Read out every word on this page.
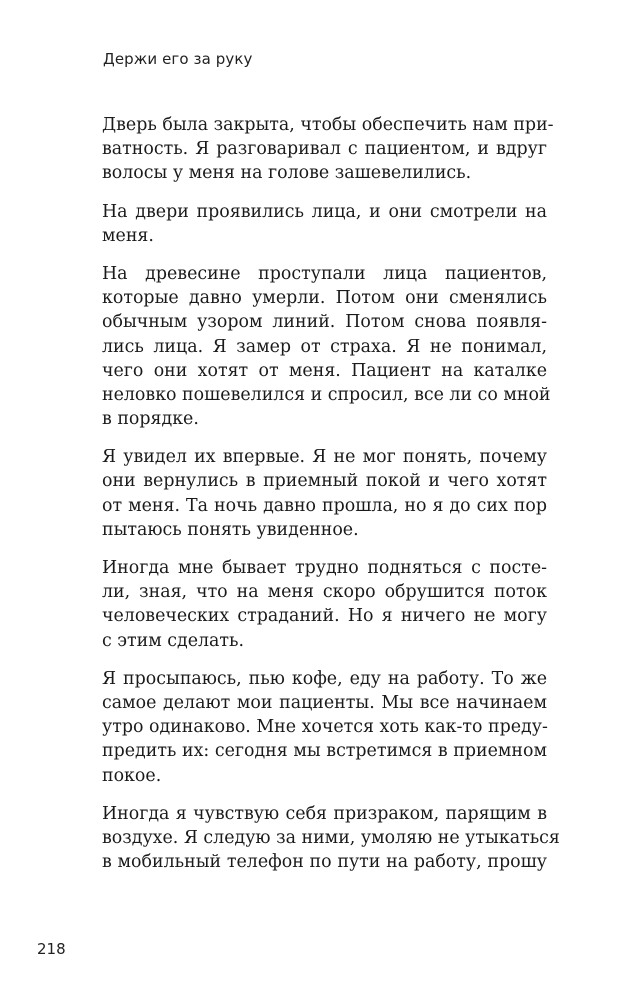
Держи его за руку
Дверь была закрыта, чтобы обеспечить нам при-
ватность. Я разговаривал с пациентом, и вдруг
волосы у меня на голове зашевелились.
На двери проявились лица, и они смотрели на
меня.
На древесине проступали лица пациентов,
которые давно умерли. Потом они сменялись
обычным узором линий. Потом снова появля-
лись лица. Я замер от страха. Я не понимал,
чего они хотят от меня. Пациент на каталке
неловко пошевелился и спросил, все ли со мной
в порядке.
Я увидел их впервые. Я не мог понять, почему
они вернулись в приемный покой и чего хотят
от меня. Та ночь давно прошла, но я до сих пор
пытаюсь понять увиденное.
Иногда мне бывает трудно подняться с посте-
ли, зная, что на меня скоро обрушится поток
человеческих страданий. Но я ничего не могу
с этим сделать.
Я просыпаюсь, пью кофе, еду на работу. То же
самое делают мои пациенты. Мы все начинаем
утро одинаково. Мне хочется хоть как-то преду-
предить их: сегодня мы встретимся в приемном
покое.
Иногда я чувствую себя призраком, парящим в
воздухе. Я следую за ними, умоляю не утыкаться
в мобильный телефон по пути на работу, прошу
218
